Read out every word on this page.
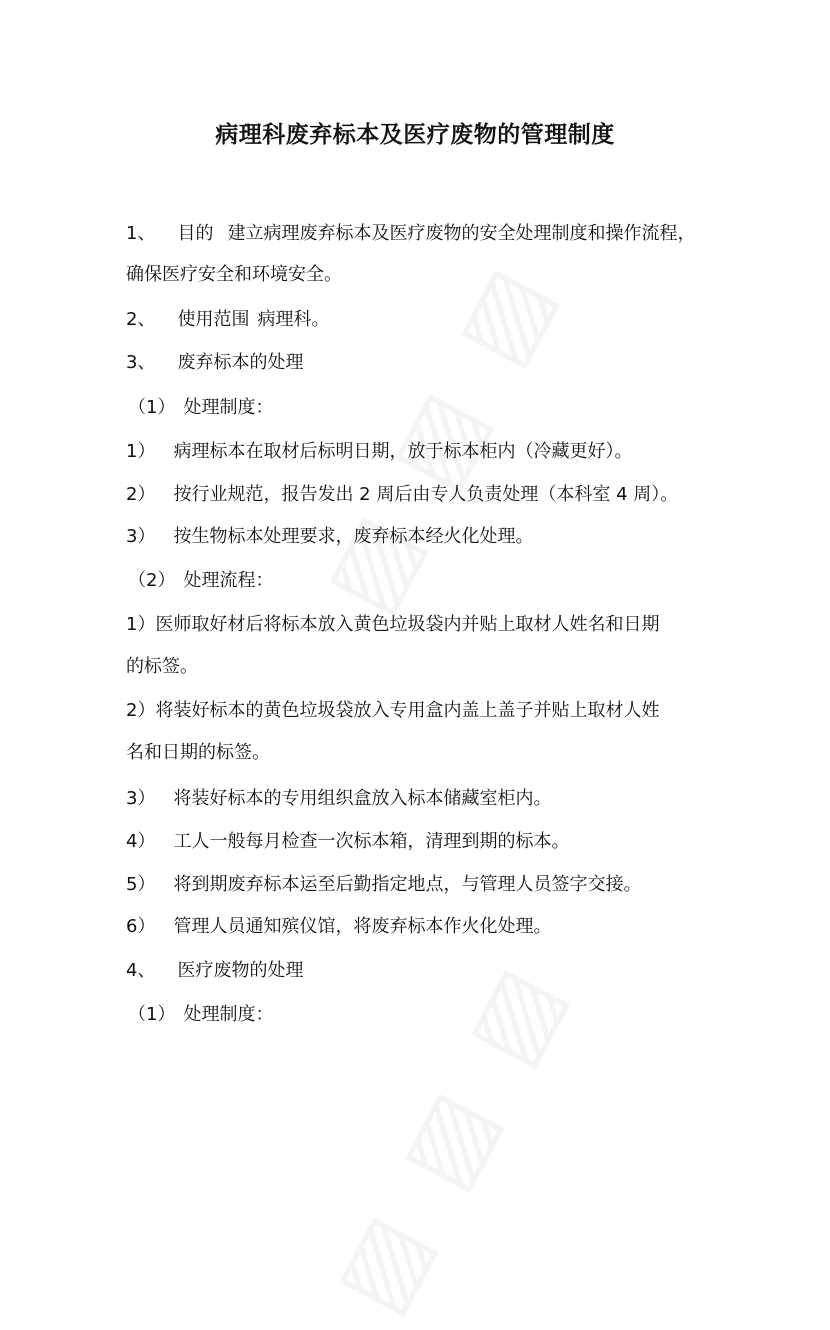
病理科废弃标本及医疗废物的管理制度
1、 目的 建立病理废弃标本及医疗废物的安全处理制度和操作流程，
确保医疗安全和环境安全。
2、 使用范围 病理科。
3、 废弃标本的处理
（1） 处理制度：
1） 病理标本在取材后标明日期，放于标本柜内（冷藏更好）。
2） 按行业规范，报告发出 2 周后由专人负责处理（本科室 4 周）。
3） 按生物标本处理要求，废弃标本经火化处理。
（2） 处理流程：
1）医师取好材后将标本放入黄色垃圾袋内并贴上取材人姓名和日期
的标签。
2）将装好标本的黄色垃圾袋放入专用盒内盖上盖子并贴上取材人姓
名和日期的标签。
3） 将装好标本的专用组织盒放入标本储藏室柜内。
4） 工人一般每月检查一次标本箱，清理到期的标本。
5） 将到期废弃标本运至后勤指定地点，与管理人员签字交接。
6） 管理人员通知殡仪馆，将废弃标本作火化处理。
4、 医疗废物的处理
（1） 处理制度：
